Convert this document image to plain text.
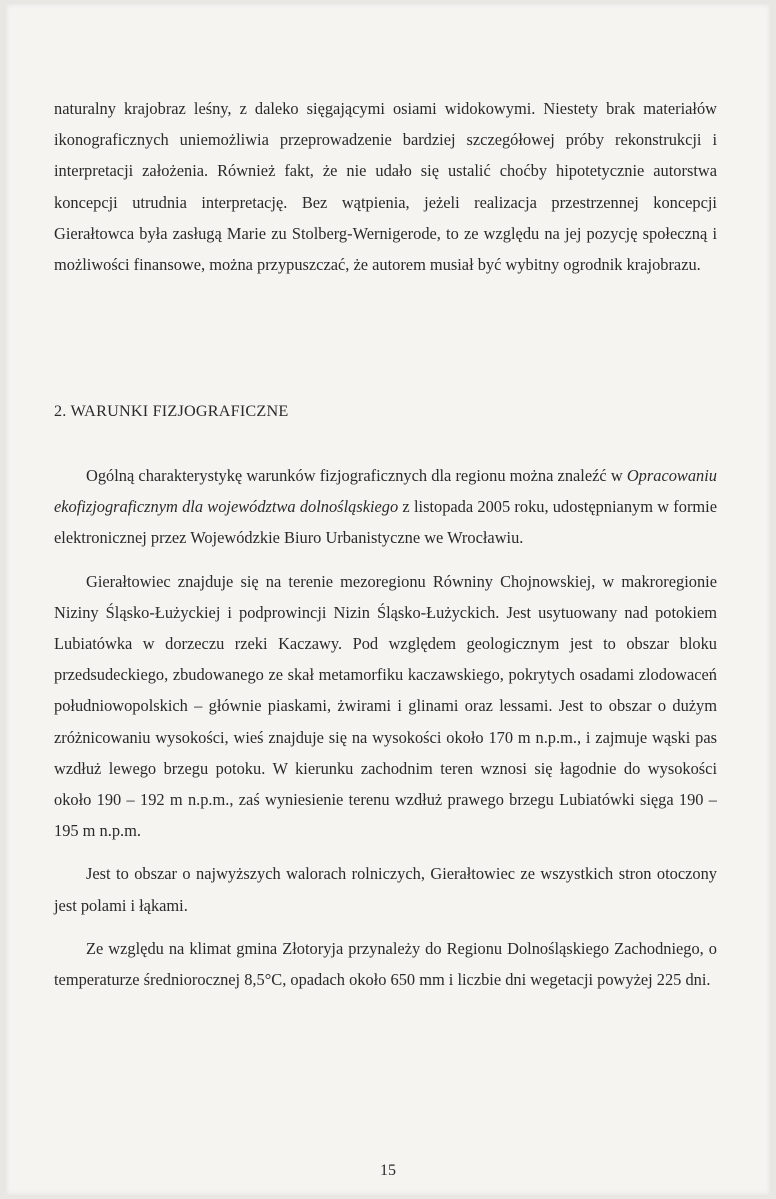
naturalny krajobraz leśny, z daleko sięgającymi osiami widokowymi. Niestety brak materiałów ikonograficznych uniemożliwia przeprowadzenie bardziej szczegółowej próby rekonstrukcji i interpretacji założenia. Również fakt, że nie udało się ustalić choćby hipotetycznie autorstwa koncepcji utrudnia interpretację. Bez wątpienia, jeżeli realizacja przestrzennej koncepcji Gierałtowca była zasługą Marie zu Stolberg-Wernigerode, to ze względu na jej pozycję społeczną i możliwości finansowe, można przypuszczać, że autorem musiał być wybitny ogrodnik krajobrazu.

2. WARUNKI FIZJOGRAFICZNE

Ogólną charakterystykę warunków fizjograficznych dla regionu można znaleźć w Opracowaniu ekofizjograficznym dla województwa dolnośląskiego z listopada 2005 roku, udostępnianym w formie elektronicznej przez Wojewódzkie Biuro Urbanistyczne we Wrocławiu.

Gierałtowiec znajduje się na terenie mezoregionu Równiny Chojnowskiej, w makroregionie Niziny Śląsko-Łużyckiej i podprowincji Nizin Śląsko-Łużyckich. Jest usytuowany nad potokiem Lubiatówka w dorzeczu rzeki Kaczawy. Pod względem geologicznym jest to obszar bloku przedsudeckiego, zbudowanego ze skał metamorfiku kaczawskiego, pokrytych osadami zlodowaceń południowopolskich – głównie piaskami, żwirami i glinami oraz lessami. Jest to obszar o dużym zróżnicowaniu wysokości, wieś znajduje się na wysokości około 170 m n.p.m., i zajmuje wąski pas wzdłuż lewego brzegu potoku. W kierunku zachodnim teren wznosi się łagodnie do wysokości około 190 – 192 m n.p.m., zaś wyniesienie terenu wzdłuż prawego brzegu Lubiatówki sięga 190 – 195 m n.p.m.

Jest to obszar o najwyższych walorach rolniczych, Gierałtowiec ze wszystkich stron otoczony jest polami i łąkami.

Ze względu na klimat gmina Złotoryja przynależy do Regionu Dolnośląskiego Zachodniego, o temperaturze średniorocznej 8,5°C, opadach około 650 mm i liczbie dni wegetacji powyżej 225 dni.

15
